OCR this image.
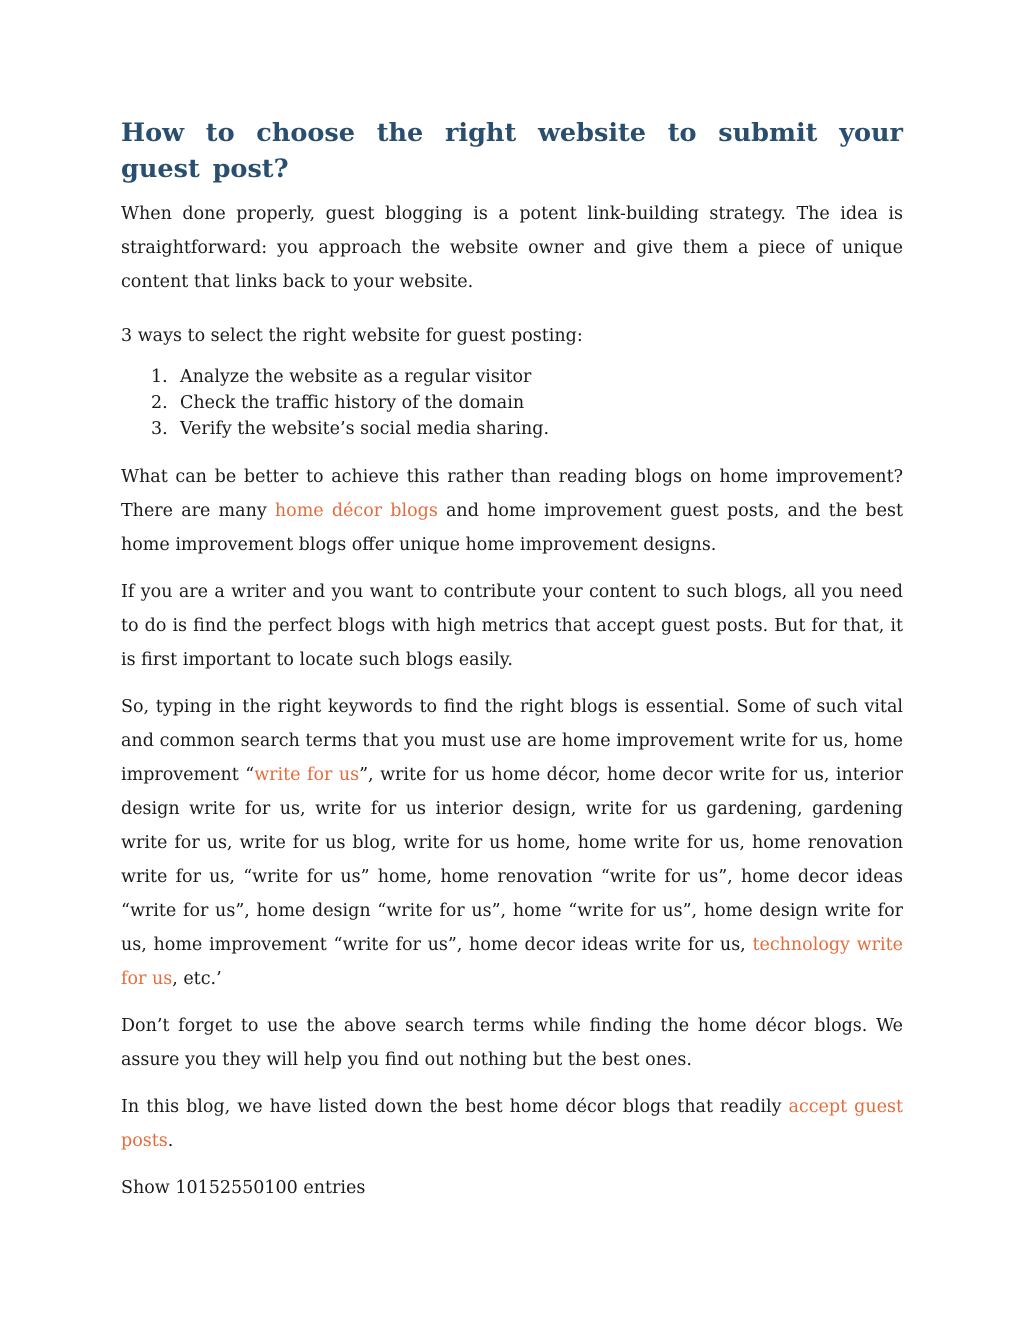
How to choose the right website to submit your guest post?

When done properly, guest blogging is a potent link-building strategy. The idea is straightforward: you approach the website owner and give them a piece of unique content that links back to your website.

3 ways to select the right website for guest posting:

1. Analyze the website as a regular visitor
2. Check the traffic history of the domain
3. Verify the website’s social media sharing.

What can be better to achieve this rather than reading blogs on home improvement? There are many home décor blogs and home improvement guest posts, and the best home improvement blogs offer unique home improvement designs.

If you are a writer and you want to contribute your content to such blogs, all you need to do is find the perfect blogs with high metrics that accept guest posts. But for that, it is first important to locate such blogs easily.

So, typing in the right keywords to find the right blogs is essential. Some of such vital and common search terms that you must use are home improvement write for us, home improvement “write for us”, write for us home décor, home decor write for us, interior design write for us, write for us interior design, write for us gardening, gardening write for us, write for us blog, write for us home, home write for us, home renovation write for us, “write for us” home, home renovation “write for us”, home decor ideas “write for us”, home design “write for us”, home “write for us”, home design write for us, home improvement “write for us”, home decor ideas write for us, technology write for us, etc.’

Don’t forget to use the above search terms while finding the home décor blogs. We assure you they will help you find out nothing but the best ones.

In this blog, we have listed down the best home décor blogs that readily accept guest posts.

Show 10152550100 entries
